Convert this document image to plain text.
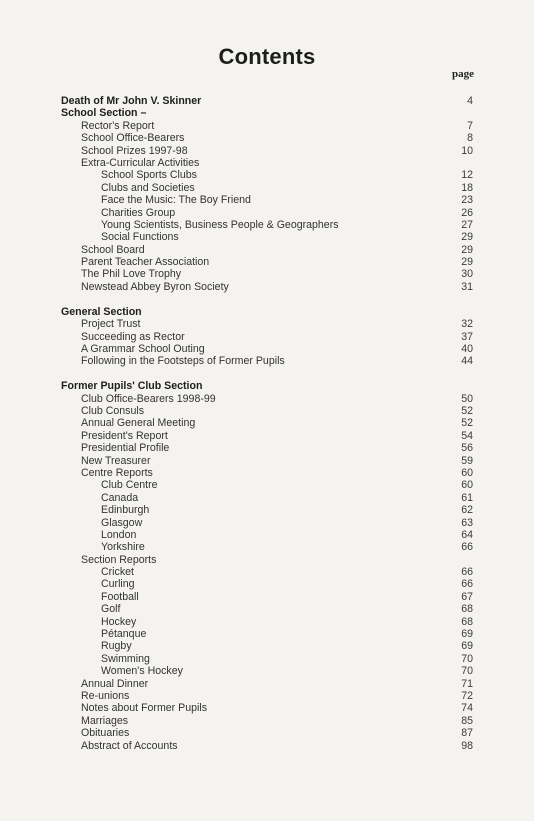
Contents
page
Death of Mr John V. Skinner	4
School Section –
Rector's Report	7
School Office-Bearers	8
School Prizes 1997-98	10
Extra-Curricular Activities
School Sports Clubs	12
Clubs and Societies	18
Face the Music: The Boy Friend	23
Charities Group	26
Young Scientists, Business People & Geographers	27
Social Functions	29
School Board	29
Parent Teacher Association	29
The Phil Love Trophy	30
Newstead Abbey Byron Society	31
General Section
Project Trust	32
Succeeding as Rector	37
A Grammar School Outing	40
Following in the Footsteps of Former Pupils	44
Former Pupils' Club Section
Club Office-Bearers 1998-99	50
Club Consuls	52
Annual General Meeting	52
President's Report	54
Presidential Profile	56
New Treasurer	59
Centre Reports	60
Club Centre	60
Canada	61
Edinburgh	62
Glasgow	63
London	64
Yorkshire	66
Section Reports
Cricket	66
Curling	66
Football	67
Golf	68
Hockey	68
Pétanque	69
Rugby	69
Swimming	70
Women's Hockey	70
Annual Dinner	71
Re-unions	72
Notes about Former Pupils	74
Marriages	85
Obituaries	87
Abstract of Accounts	98
